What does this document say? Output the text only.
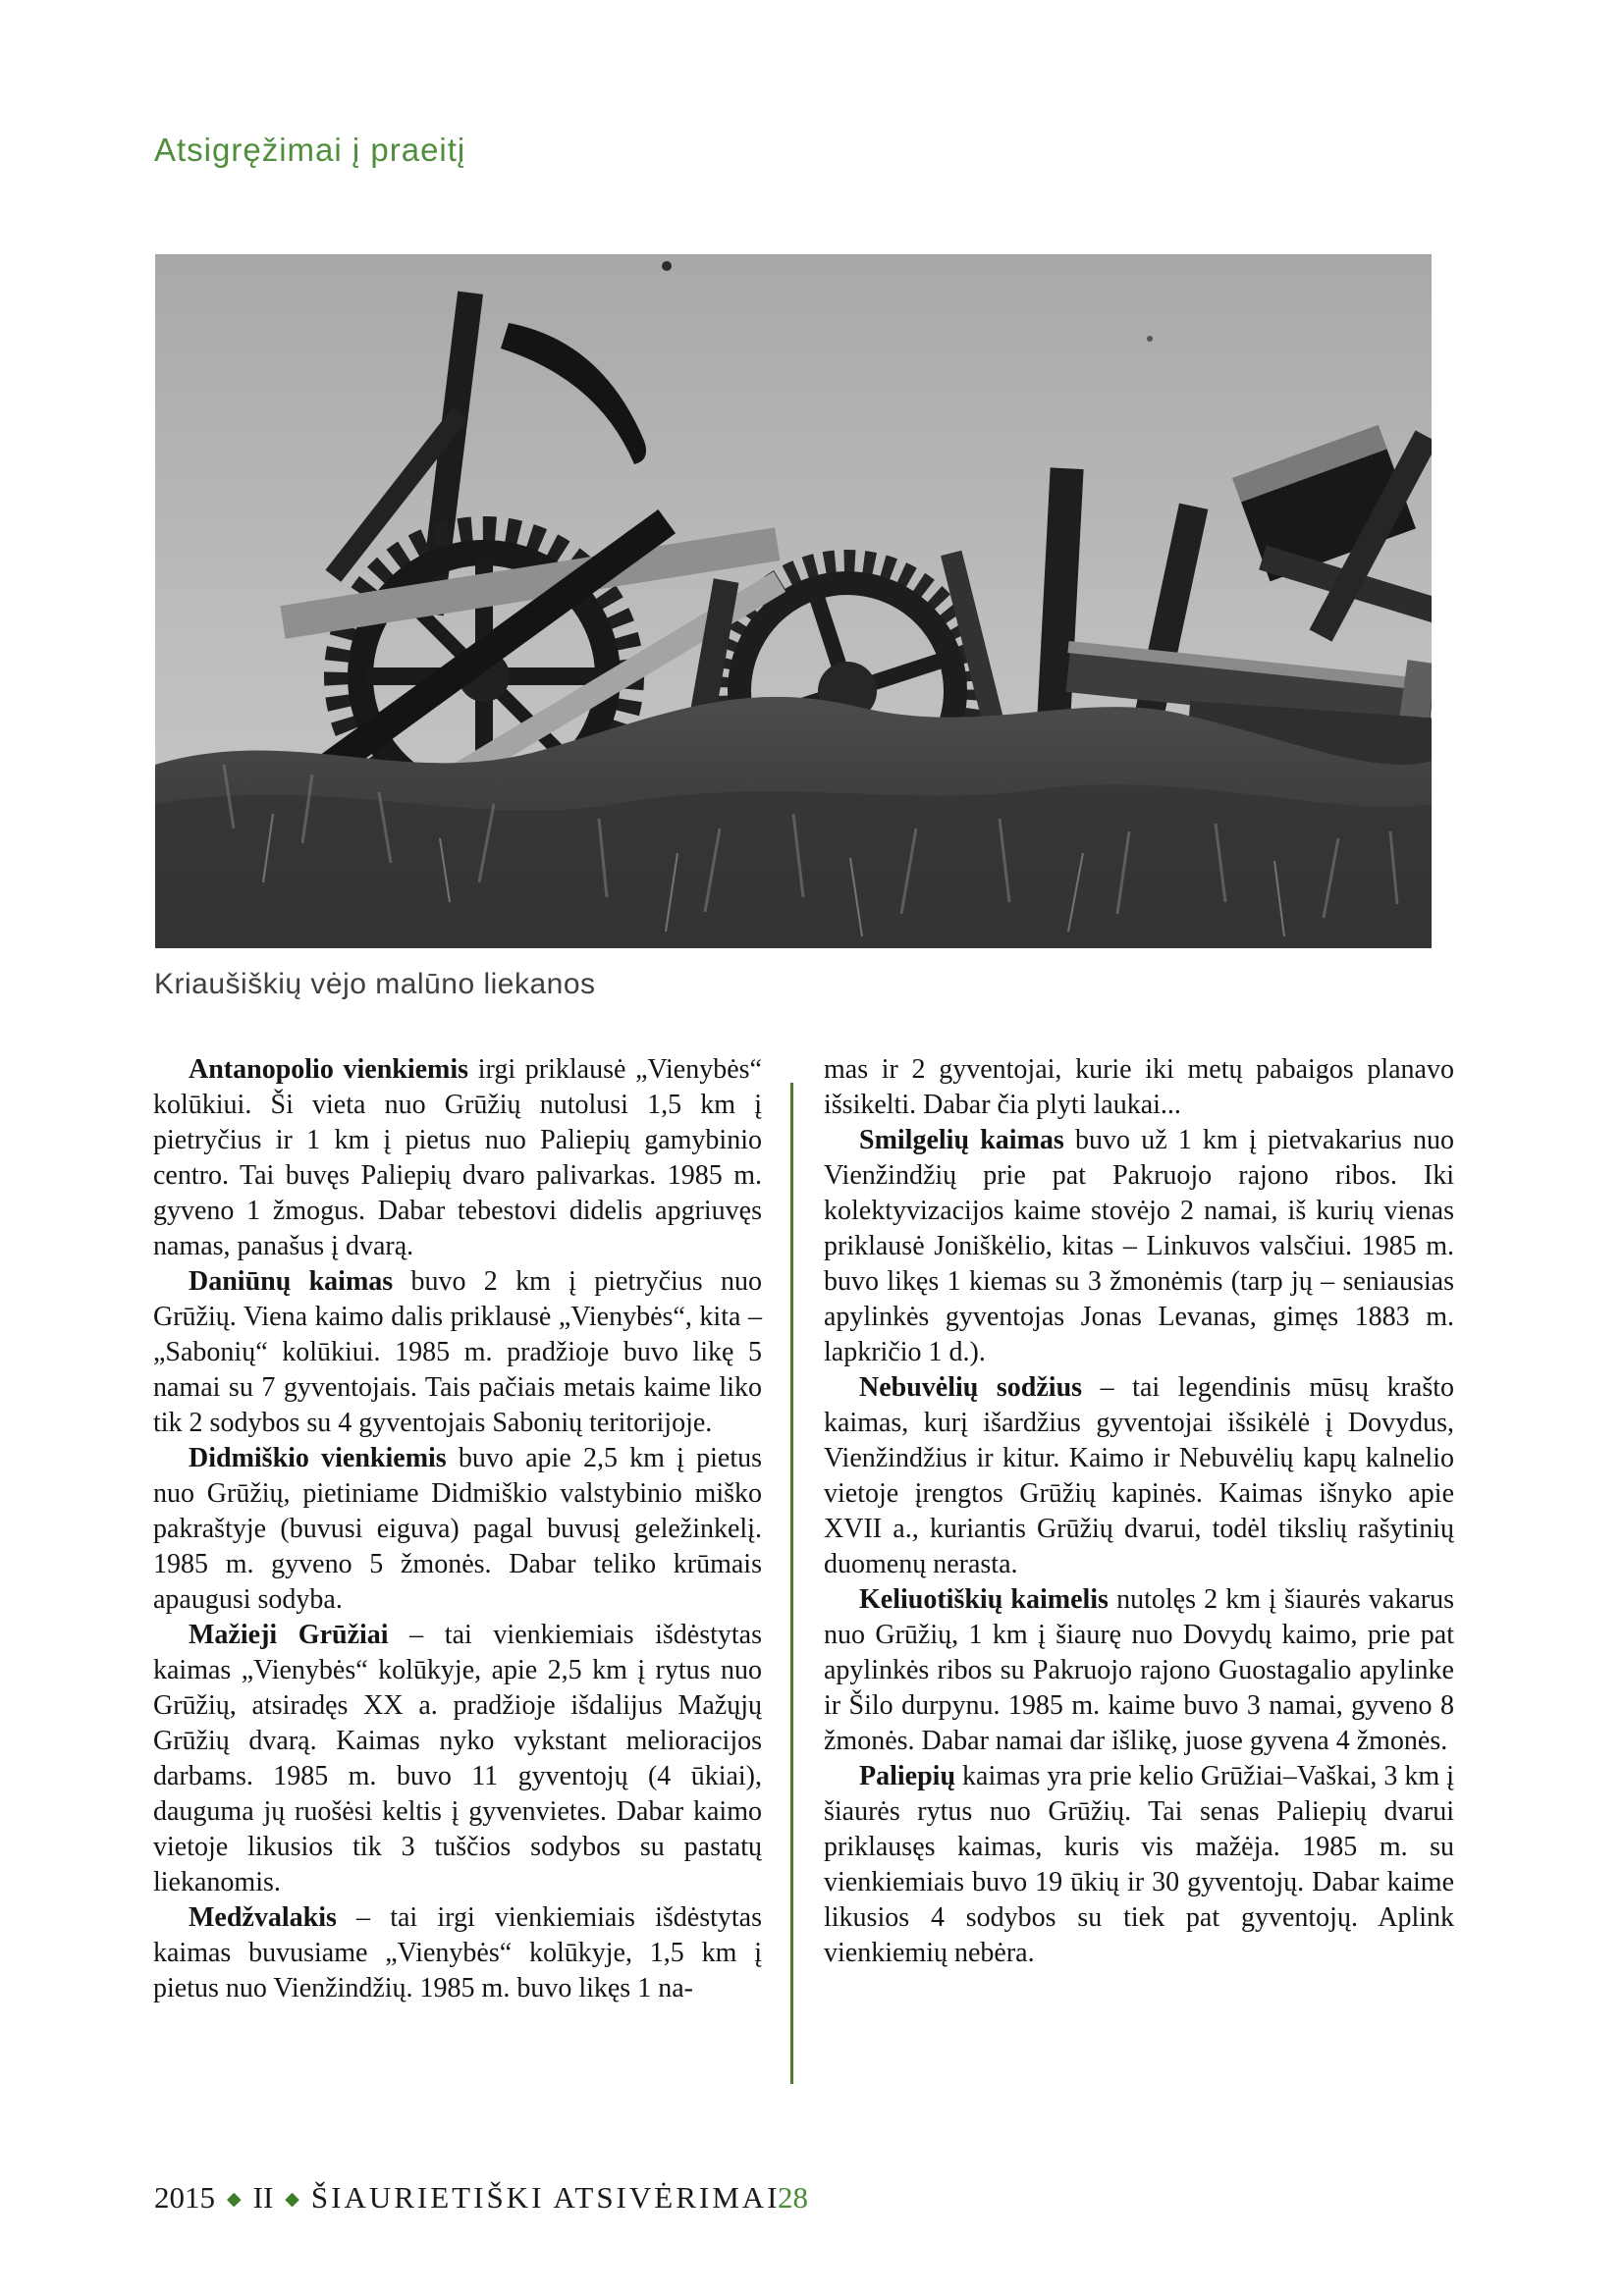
Atsigręžimai į praeitį
Kriaušiškių vėjo malūno liekanos

Antanopolio vienkiemis irgi priklausė „Vienybės“ kolūkiui. Ši vieta nuo Grūžių nutolusi 1,5 km į pietryčius ir 1 km į pietus nuo Paliepių gamybinio centro. Tai buvęs Paliepių dvaro palivarkas. 1985 m. gyveno 1 žmogus. Dabar tebestovi didelis apgriuvęs namas, panašus į dvarą.

Daniūnų kaimas buvo 2 km į pietryčius nuo Grūžių. Viena kaimo dalis priklausė „Vienybės“, kita – „Sabonių“ kolūkiui. 1985 m. pradžioje buvo likę 5 namai su 7 gyventojais. Tais pačiais metais kaime liko tik 2 sodybos su 4 gyventojais Sabonių teritorijoje.

Didmiškio vienkiemis buvo apie 2,5 km į pietus nuo Grūžių, pietiniame Didmiškio valstybinio miško pakraštyje (buvusi eiguva) pagal buvusį geležinkelį. 1985 m. gyveno 5 žmonės. Dabar teliko krūmais apaugusi sodyba.

Mažieji Grūžiai – tai vienkiemiais išdėstytas kaimas „Vienybės“ kolūkyje, apie 2,5 km į rytus nuo Grūžių, atsiradęs XX a. pradžioje išdalijus Mažųjų Grūžių dvarą. Kaimas nyko vykstant melioracijos darbams. 1985 m. buvo 11 gyventojų (4 ūkiai), dauguma jų ruošėsi keltis į gyvenvietes. Dabar kaimo vietoje likusios tik 3 tuščios sodybos su pastatų liekanomis.

Medžvalakis – tai irgi vienkiemiais išdėstytas kaimas buvusiame „Vienybės“ kolūkyje, 1,5 km į pietus nuo Vienžindžių. 1985 m. buvo likęs 1 na-

mas ir 2 gyventojai, kurie iki metų pabaigos planavo išsikelti. Dabar čia plyti laukai...

Smilgelių kaimas buvo už 1 km į pietvakarius nuo Vienžindžių prie pat Pakruojo rajono ribos. Iki kolektyvizacijos kaime stovėjo 2 namai, iš kurių vienas priklausė Joniškėlio, kitas – Linkuvos valsčiui. 1985 m. buvo likęs 1 kiemas su 3 žmonėmis (tarp jų – seniausias apylinkės gyventojas Jonas Levanas, gimęs 1883 m. lapkričio 1 d.).

Nebuvėlių sodžius – tai legendinis mūsų krašto kaimas, kurį išardžius gyventojai išsikėlė į Dovydus, Vienžindžius ir kitur. Kaimo ir Nebuvėlių kapų kalnelio vietoje įrengtos Grūžių kapinės. Kaimas išnyko apie XVII a., kuriantis Grūžių dvarui, todėl tikslių rašytinių duomenų nerasta.

Keliuotiškių kaimelis nutolęs 2 km į šiaurės vakarus nuo Grūžių, 1 km į šiaurę nuo Dovydų kaimo, prie pat apylinkės ribos su Pakruojo rajono Guostagalio apylinke ir Šilo durpynu. 1985 m. kaime buvo 3 namai, gyveno 8 žmonės. Dabar namai dar išlikę, juose gyvena 4 žmonės.

Paliepių kaimas yra prie kelio Grūžiai–Vaškai, 3 km į šiaurės rytus nuo Grūžių. Tai senas Paliepių dvarui priklausęs kaimas, kuris vis mažėja. 1985 m. su vienkiemiais buvo 19 ūkių ir 30 gyventojų. Dabar kaime likusios 4 sodybos su tiek pat gyventojų. Aplink vienkiemių nebėra.

2015 ◆ II ◆ ŠIAURIETIŠKI ATSIVĖRIMAI
28
